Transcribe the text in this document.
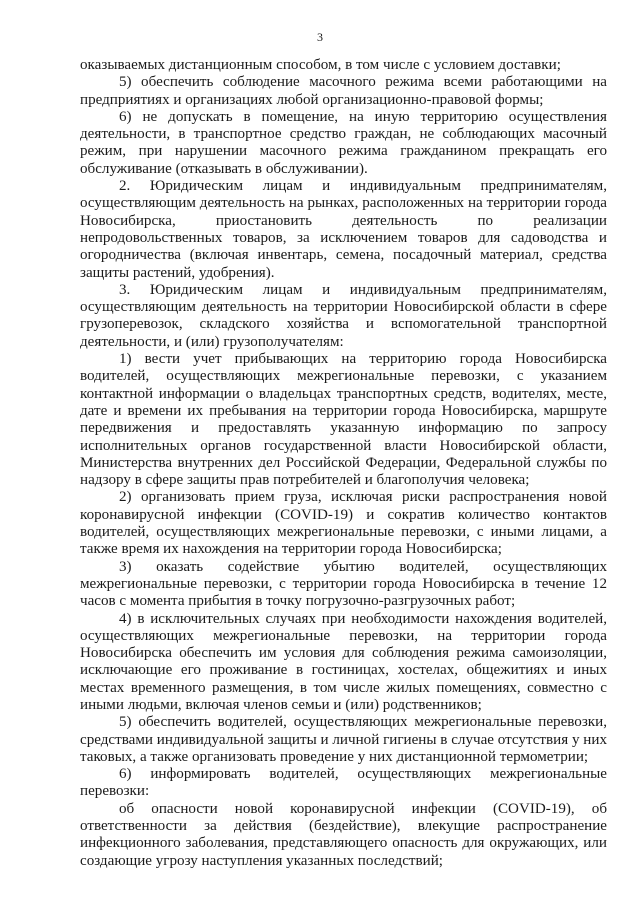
3

оказываемых дистанционным способом, в том числе с условием доставки;

5) обеспечить соблюдение масочного режима всеми работающими на предприятиях и организациях любой организационно-правовой формы;

6) не допускать в помещение, на иную территорию осуществления деятельности, в транспортное средство граждан, не соблюдающих масочный режим, при нарушении масочного режима гражданином прекращать его обслуживание (отказывать в обслуживании).

2. Юридическим лицам и индивидуальным предпринимателям, осуществляющим деятельность на рынках, расположенных на территории города Новосибирска, приостановить деятельность по реализации непродовольственных товаров, за исключением товаров для садоводства и огородничества (включая инвентарь, семена, посадочный материал, средства защиты растений, удобрения).

3. Юридическим лицам и индивидуальным предпринимателям, осуществляющим деятельность на территории Новосибирской области в сфере грузоперевозок, складского хозяйства и вспомогательной транспортной деятельности, и (или) грузополучателям:

1) вести учет прибывающих на территорию города Новосибирска водителей, осуществляющих межрегиональные перевозки, с указанием контактной информации о владельцах транспортных средств, водителях, месте, дате и времени их пребывания на территории города Новосибирска, маршруте передвижения и предоставлять указанную информацию по запросу исполнительных органов государственной власти Новосибирской области, Министерства внутренних дел Российской Федерации, Федеральной службы по надзору в сфере защиты прав потребителей и благополучия человека;

2) организовать прием груза, исключая риски распространения новой коронавирусной инфекции (COVID-19) и сократив количество контактов водителей, осуществляющих межрегиональные перевозки, с иными лицами, а также время их нахождения на территории города Новосибирска;

3) оказать содействие убытию водителей, осуществляющих межрегиональные перевозки, с территории города Новосибирска в течение 12 часов с момента прибытия в точку погрузочно-разгрузочных работ;

4) в исключительных случаях при необходимости нахождения водителей, осуществляющих межрегиональные перевозки, на территории города Новосибирска обеспечить им условия для соблюдения режима самоизоляции, исключающие его проживание в гостиницах, хостелах, общежитиях и иных местах временного размещения, в том числе жилых помещениях, совместно с иными людьми, включая членов семьи и (или) родственников;

5) обеспечить водителей, осуществляющих межрегиональные перевозки, средствами индивидуальной защиты и личной гигиены в случае отсутствия у них таковых, а также организовать проведение у них дистанционной термометрии;

6) информировать водителей, осуществляющих межрегиональные перевозки:

об опасности новой коронавирусной инфекции (COVID-19), об ответственности за действия (бездействие), влекущие распространение инфекционного заболевания, представляющего опасность для окружающих, или создающие угрозу наступления указанных последствий;
